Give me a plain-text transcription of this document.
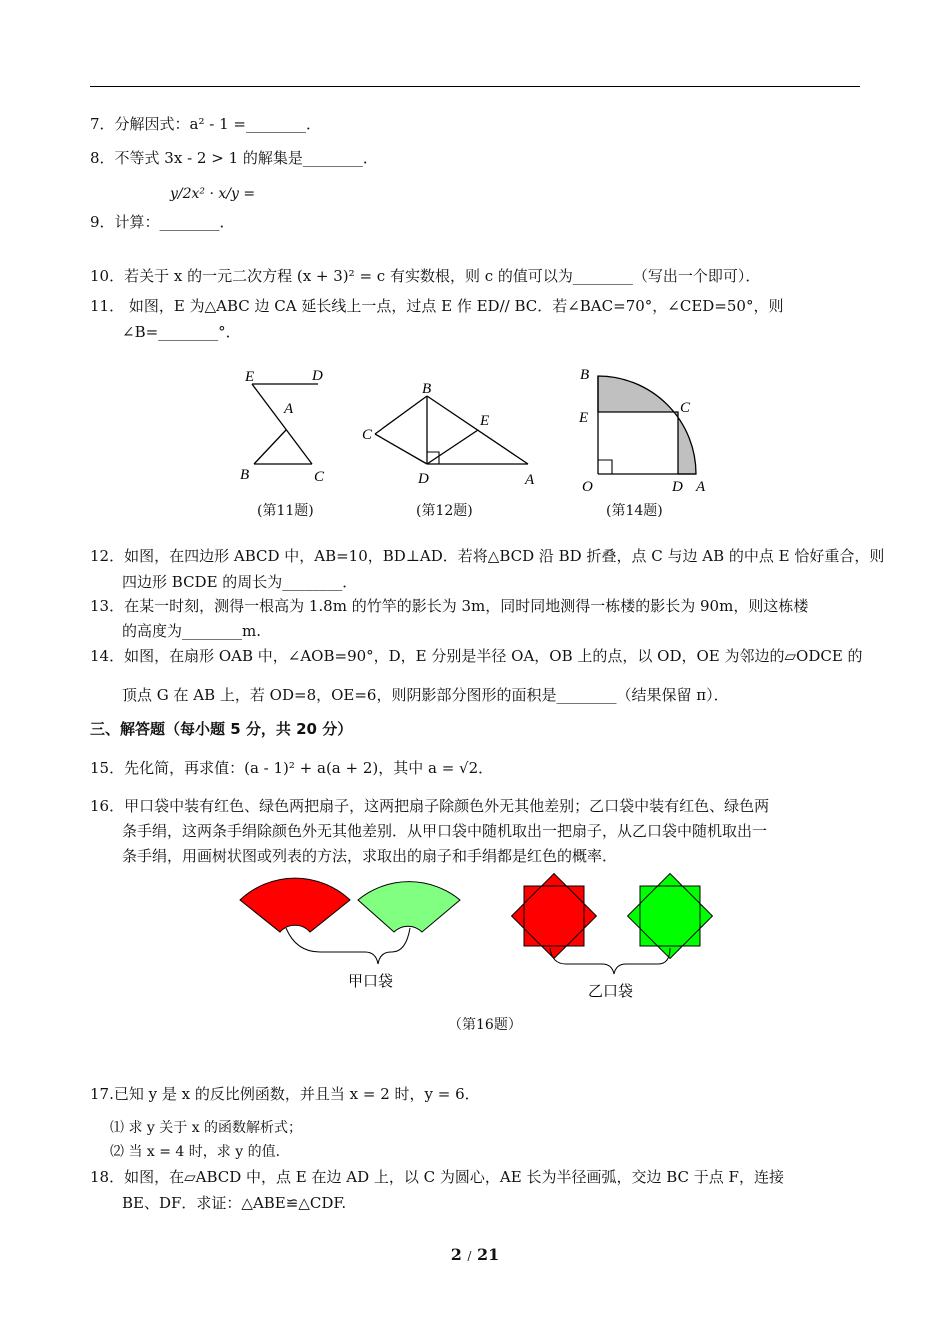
7．分解因式：a² - 1 =________．
8．不等式 3x - 2 > 1 的解集是________．
y/2x² · x/y =
9．计算：________．
10．若关于 x 的一元二次方程 (x + 3)² = c 有实数根，则 c 的值可以为________（写出一个即可）．
11． 如图，E 为△ABC 边 CA 延长线上一点，过点 E 作 ED// BC．若∠BAC=70°，∠CED=50°，则
∠B=________°．
E	D
A
B	C
(第11题)
B
C
E
D	A
(第12题)
B
E
C
O	D A
(第14题)
12．如图，在四边形 ABCD 中，AB=10，BD⊥AD．若将△BCD 沿 BD 折叠，点 C 与边 AB 的中点 E 恰好重合，则
四边形 BCDE 的周长为________．
13．在某一时刻，测得一根高为 1.8m 的竹竿的影长为 3m，同时同地测得一栋楼的影长为 90m，则这栋楼
的高度为________m.
14．如图，在扇形 OAB 中，∠AOB=90°，D，E 分别是半径 OA，OB 上的点，以 OD，OE 为邻边的▱ODCE 的
顶点 G 在 AB 上，若 OD=8，OE=6，则阴影部分图形的面积是________（结果保留 π）．
三、解答题（每小题 5 分，共 20 分）
15．先化简，再求值：(a - 1)² + a(a + 2)，其中 a = √2．
16．甲口袋中装有红色、绿色两把扇子，这两把扇子除颜色外无其他差别；乙口袋中装有红色、绿色两
条手绢，这两条手绢除颜色外无其他差别．从甲口袋中随机取出一把扇子，从乙口袋中随机取出一
条手绢，用画树状图或列表的方法，求取出的扇子和手绢都是红色的概率．
甲口袋
乙口袋
（第16题）
17.已知 y 是 x 的反比例函数，并且当 x = 2 时，y = 6．
⑴ 求 y 关于 x 的函数解析式；
⑵ 当 x = 4 时，求 y 的值．
18．如图，在▱ABCD 中，点 E 在边 AD 上，以 C 为圆心，AE 长为半径画弧，交边 BC 于点 F，连接
BE、DF．求证：△ABE≌△CDF.
2 / 21
